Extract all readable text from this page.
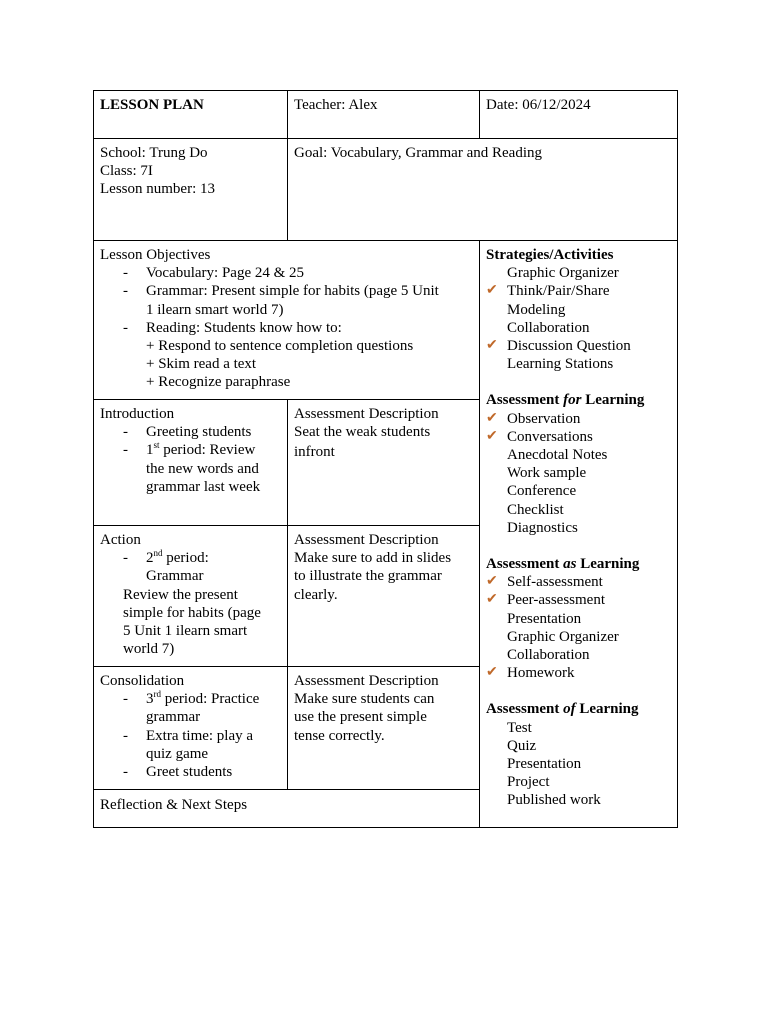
LESSON PLAN	Teacher: Alex	Date: 06/12/2024
School: Trung Do
Class: 7I
Lesson number: 13
Goal: Vocabulary, Grammar and Reading
Lesson Objectives
- Vocabulary: Page 24 & 25
- Grammar: Present simple for habits (page 5 Unit
1 ilearn smart world 7)
- Reading: Students know how to:
+ Respond to sentence completion questions
+ Skim read a text
+ Recognize paraphrase
Introduction
- Greeting students
- 1st period: Review
the new words and
grammar last week
Assessment Description
Seat the weak students
infront
Action
- 2nd period:
Grammar
Review the present
simple for habits (page
5 Unit 1 ilearn smart
world 7)
Assessment Description
Make sure to add in slides
to illustrate the grammar
clearly.
Consolidation
- 3rd period: Practice
grammar
- Extra time: play a
quiz game
- Greet students
Assessment Description
Make sure students can
use the present simple
tense correctly.
Reflection & Next Steps
Strategies/Activities
Graphic Organizer
✔ Think/Pair/Share
Modeling
Collaboration
✔ Discussion Question
Learning Stations
Assessment for Learning
✔ Observation
✔ Conversations
Anecdotal Notes
Work sample
Conference
Checklist
Diagnostics
Assessment as Learning
✔ Self-assessment
✔ Peer-assessment
Presentation
Graphic Organizer
Collaboration
✔ Homework
Assessment of Learning
Test
Quiz
Presentation
Project
Published work
